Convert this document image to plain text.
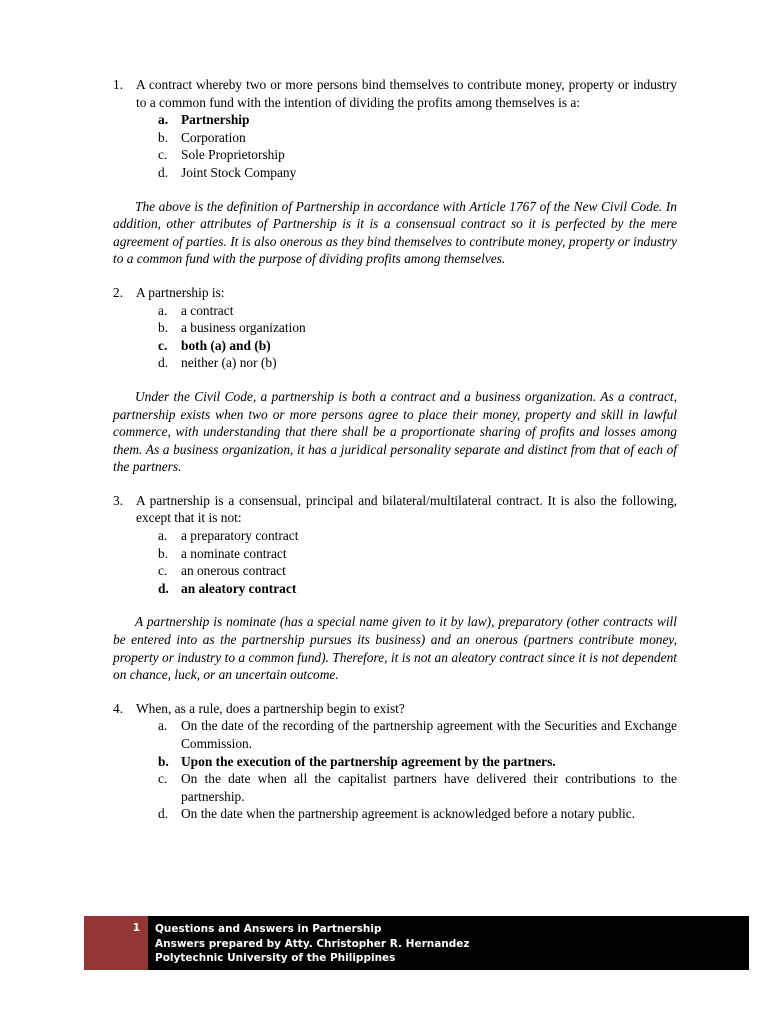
1. A contract whereby two or more persons bind themselves to contribute money, property or industry to a common fund with the intention of dividing the profits among themselves is a:
a. Partnership
b. Corporation
c. Sole Proprietorship
d. Joint Stock Company

The above is the definition of Partnership in accordance with Article 1767 of the New Civil Code. In addition, other attributes of Partnership is it is a consensual contract so it is perfected by the mere agreement of parties. It is also onerous as they bind themselves to contribute money, property or industry to a common fund with the purpose of dividing profits among themselves.

2. A partnership is:
a. a contract
b. a business organization
c. both (a) and (b)
d. neither (a) nor (b)

Under the Civil Code, a partnership is both a contract and a business organization. As a contract, partnership exists when two or more persons agree to place their money, property and skill in lawful commerce, with understanding that there shall be a proportionate sharing of profits and losses among them. As a business organization, it has a juridical personality separate and distinct from that of each of the partners.

3. A partnership is a consensual, principal and bilateral/multilateral contract. It is also the following, except that it is not:
a. a preparatory contract
b. a nominate contract
c. an onerous contract
d. an aleatory contract

A partnership is nominate (has a special name given to it by law), preparatory (other contracts will be entered into as the partnership pursues its business) and an onerous (partners contribute money, property or industry to a common fund). Therefore, it is not an aleatory contract since it is not dependent on chance, luck, or an uncertain outcome.

4. When, as a rule, does a partnership begin to exist?
a. On the date of the recording of the partnership agreement with the Securities and Exchange Commission.
b. Upon the execution of the partnership agreement by the partners.
c. On the date when all the capitalist partners have delivered their contributions to the partnership.
d. On the date when the partnership agreement is acknowledged before a notary public.
1 Questions and Answers in Partnership
Answers prepared by Atty. Christopher R. Hernandez
Polytechnic University of the Philippines
